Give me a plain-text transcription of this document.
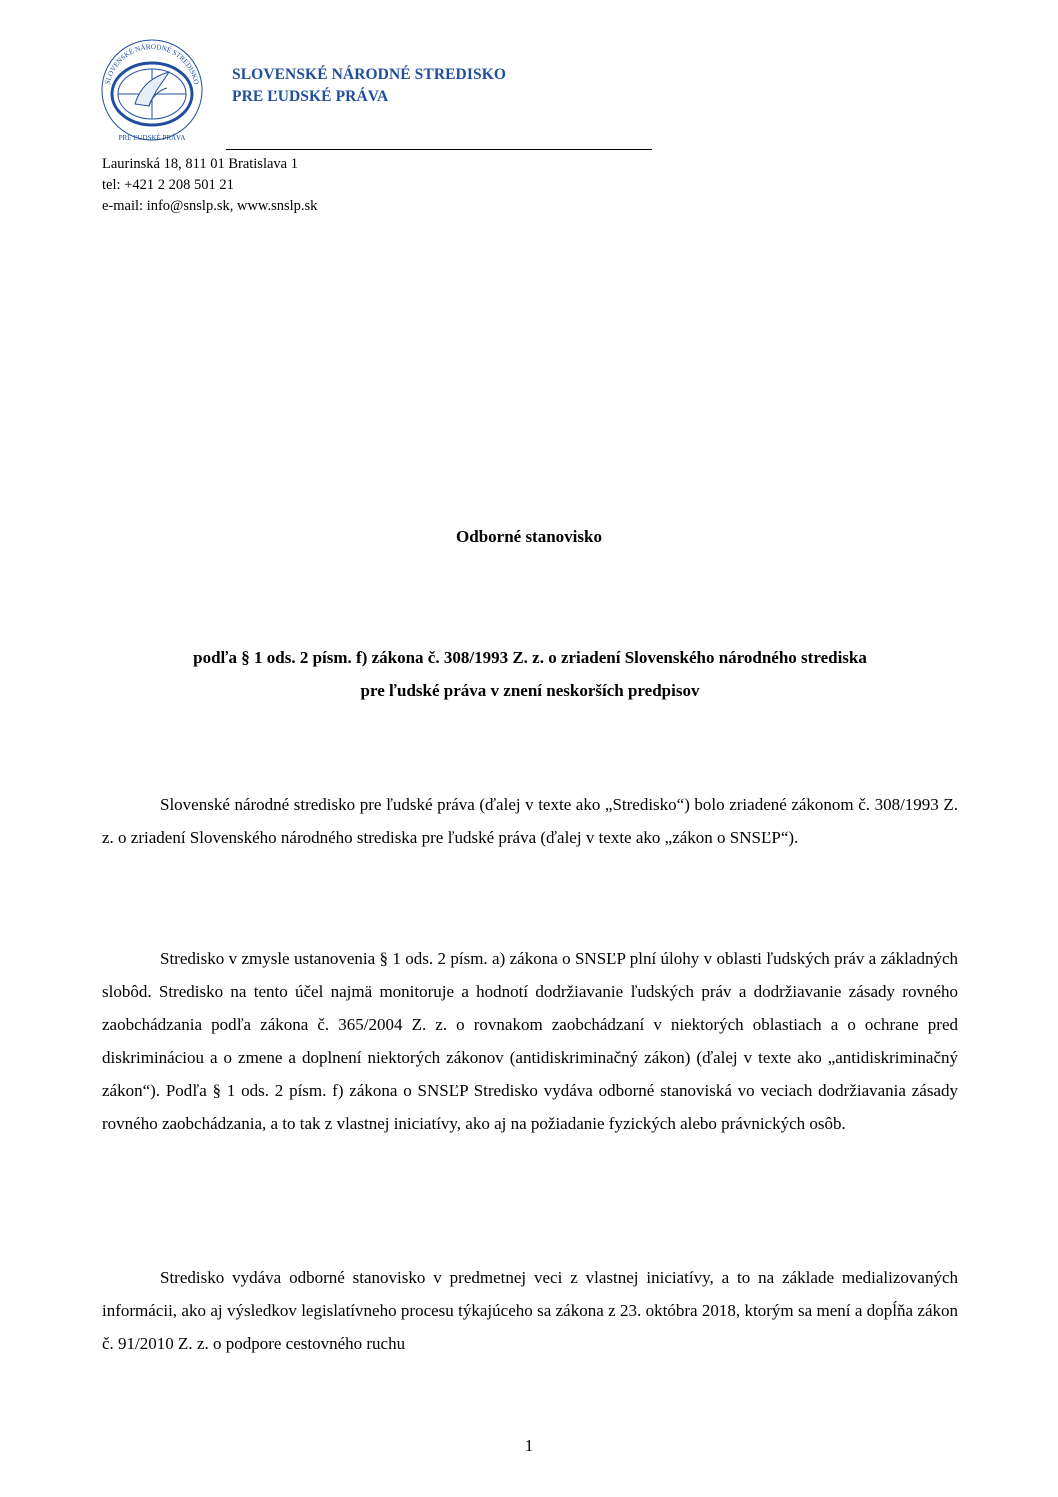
SLOVENSKÉ NÁRODNÉ STREDISKO
PRE ĽUDSKÉ PRÁVA
SLOVENSKÉ NÁRODNÉ STREDISKO
PRE ĽUDSKÉ PRÁVA
Laurinská 18, 811 01 Bratislava 1
tel: +421 2 208 501 21
e-mail: info@snslp.sk, www.snslp.sk
Odborné stanovisko
podľa § 1 ods. 2 písm. f) zákona č. 308/1993 Z. z. o zriadení Slovenského národného strediska
pre ľudské práva v znení neskorších predpisov

Slovenské národné stredisko pre ľudské práva (ďalej v texte ako „Stredisko“) bolo zriadené zákonom č. 308/1993 Z. z. o zriadení Slovenského národného strediska pre ľudské práva (ďalej v texte ako „zákon o SNSĽP“).

Stredisko v zmysle ustanovenia § 1 ods. 2 písm. a) zákona o SNSĽP plní úlohy v oblasti ľudských práv a základných slobôd. Stredisko na tento účel najmä monitoruje a hodnotí dodržiavanie ľudských práv a dodržiavanie zásady rovného zaobchádzania podľa zákona č. 365/2004 Z. z. o rovnakom zaobchádzaní v niektorých oblastiach a o ochrane pred diskrimináciou a o zmene a doplnení niektorých zákonov (antidiskriminačný zákon) (ďalej v texte ako „antidiskriminačný zákon“). Podľa § 1 ods. 2 písm. f) zákona o SNSĽP Stredisko vydáva odborné stanoviská vo veciach dodržiavania zásady rovného zaobchádzania, a to tak z vlastnej iniciatívy, ako aj na požiadanie fyzických alebo právnických osôb.

Stredisko vydáva odborné stanovisko v predmetnej veci z vlastnej iniciatívy, a to na základe medializovaných informácii, ako aj výsledkov legislatívneho procesu týkajúceho sa zákona z 23. októbra 2018, ktorým sa mení a dopĺňa zákon č. 91/2010 Z. z. o podpore cestovného ruchu

1
